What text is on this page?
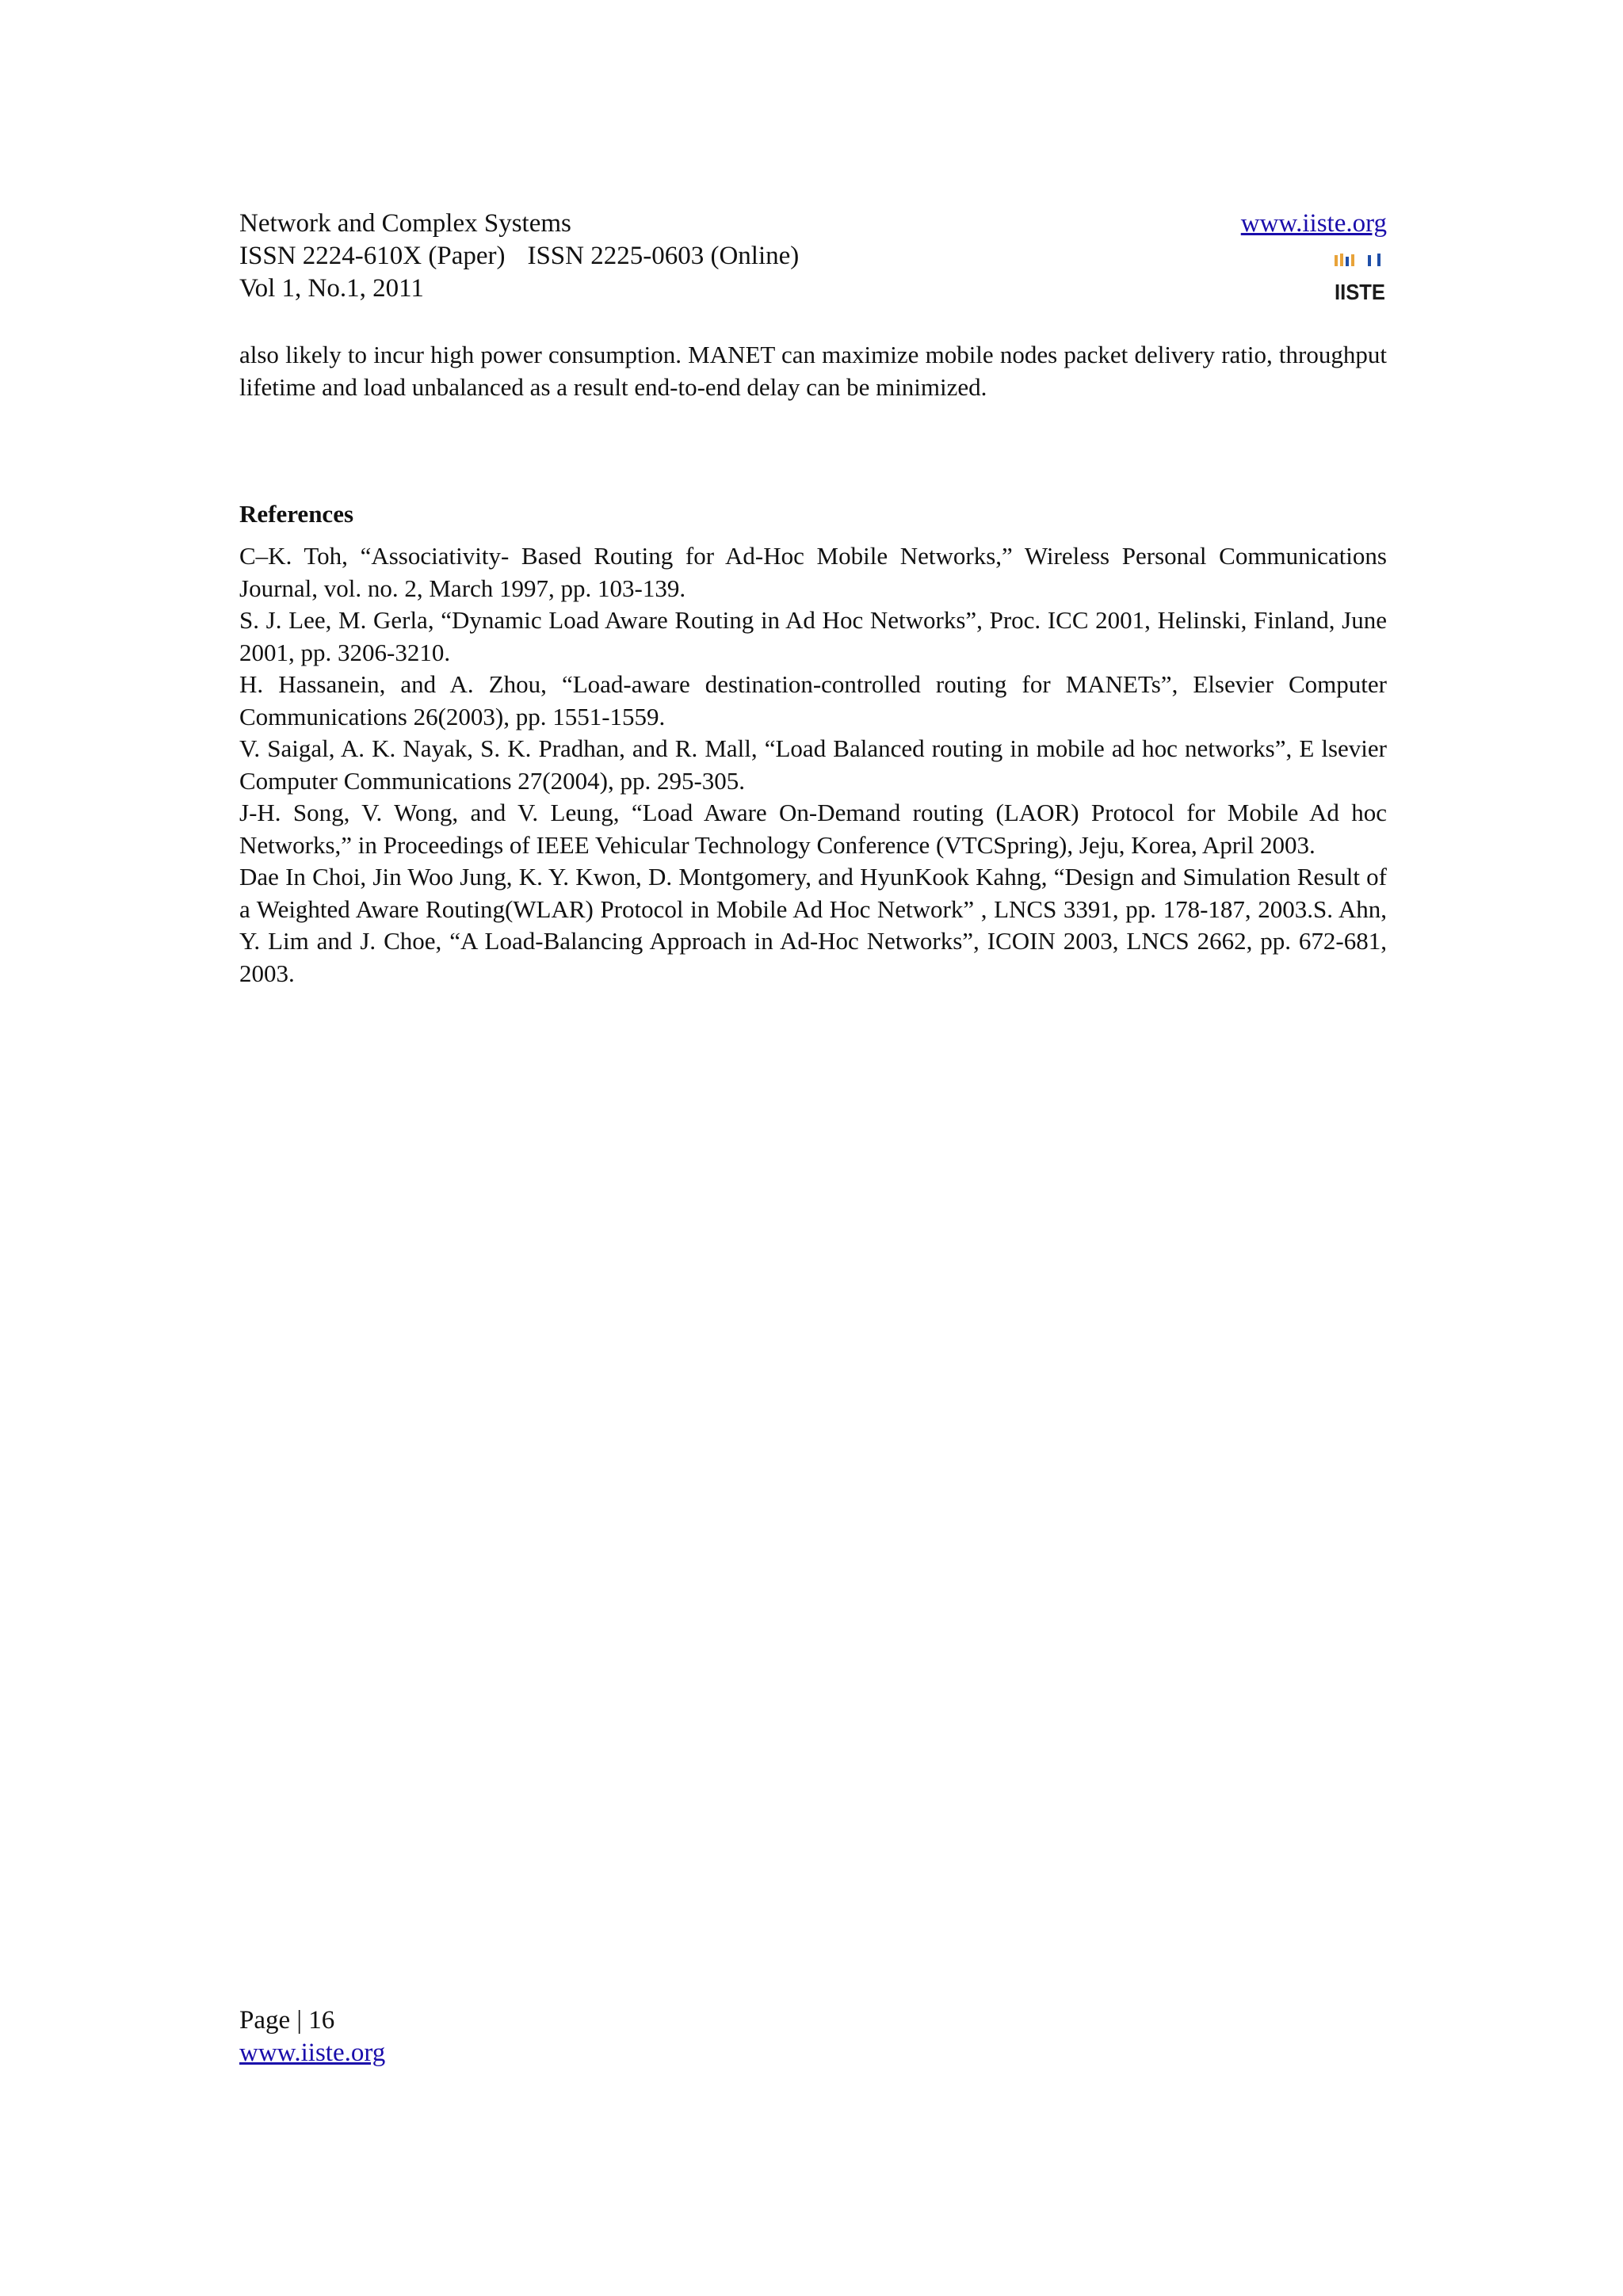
Network and Complex Systems
ISSN 2224-610X (Paper) ISSN 2225-0603 (Online)
Vol 1, No.1, 2011
www.iiste.org
IISTE

also likely to incur high power consumption. MANET can maximize mobile nodes packet delivery ratio, throughput lifetime and load unbalanced as a result end-to-end delay can be minimized.

References
C–K. Toh, “Associativity- Based Routing for Ad-Hoc Mobile Networks,” Wireless Personal Communications Journal, vol. no. 2, March 1997, pp. 103-139.
S. J. Lee, M. Gerla, “Dynamic Load Aware Routing in Ad Hoc Networks”, Proc. ICC 2001, Helinski, Finland, June 2001, pp. 3206-3210.
H. Hassanein, and A. Zhou, “Load-aware destination-controlled routing for MANETs”, Elsevier Computer Communications 26(2003), pp. 1551-1559.
V. Saigal, A. K. Nayak, S. K. Pradhan, and R. Mall, “Load Balanced routing in mobile ad hoc networks”, E lsevier Computer Communications 27(2004), pp. 295-305.
J-H. Song, V. Wong, and V. Leung, “Load Aware On-Demand routing (LAOR) Protocol for Mobile Ad hoc Networks,” in Proceedings of IEEE Vehicular Technology Conference (VTCSpring), Jeju, Korea, April 2003.
Dae In Choi, Jin Woo Jung, K. Y. Kwon, D. Montgomery, and HyunKook Kahng, “Design and Simulation Result of a Weighted Aware Routing(WLAR) Protocol in Mobile Ad Hoc Network” , LNCS 3391, pp. 178-187, 2003.S. Ahn, Y. Lim and J. Choe, “A Load-Balancing Approach in Ad-Hoc Networks”, ICOIN 2003, LNCS 2662, pp. 672-681, 2003.
Page | 16
www.iiste.org
